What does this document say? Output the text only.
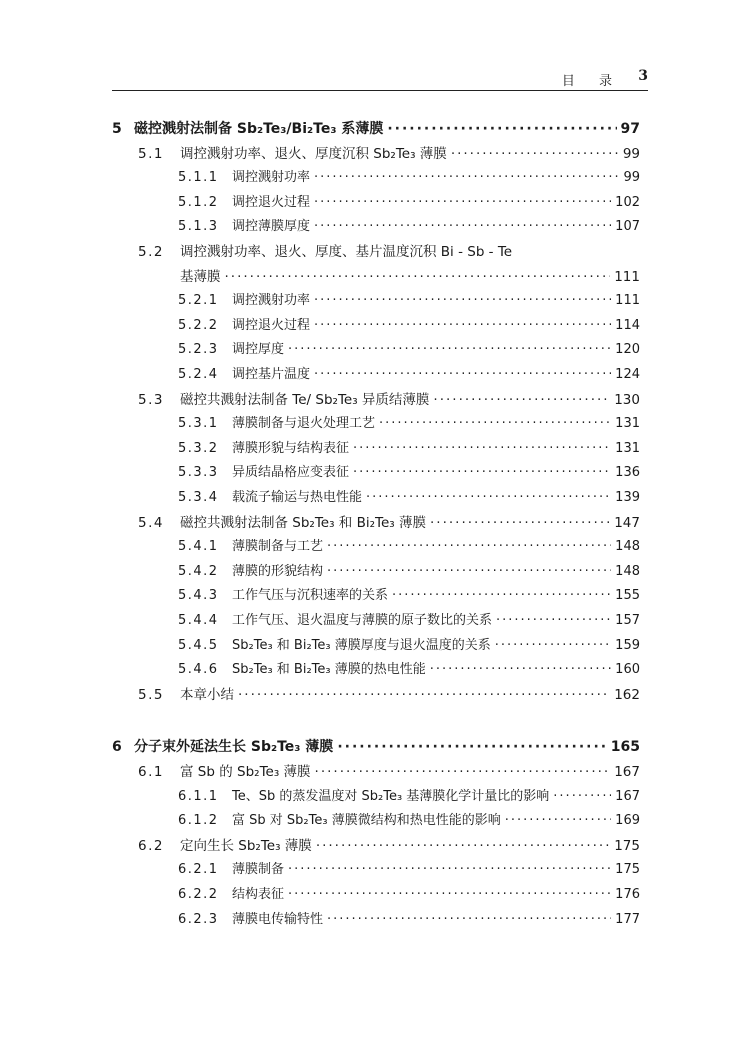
目 录 3
5 磁控溅射法制备 Sb₂Te₃/Bi₂Te₃ 系薄膜 ·····	97
5.1	调控溅射功率、退火、厚度沉积 Sb₂Te₃ 薄膜 ·····	99
5.1.1	调控溅射功率 ·····	99
5.1.2	调控退火过程 ·····	102
5.1.3	调控薄膜厚度 ·····	107
5.2	调控溅射功率、退火、厚度、基片温度沉积 Bi - Sb - Te
基薄膜 ·····	111
5.2.1	调控溅射功率 ·····	111
5.2.2	调控退火过程 ·····	114
5.2.3	调控厚度 ·····	120
5.2.4	调控基片温度 ·····	124
5.3	磁控共溅射法制备 Te/ Sb₂Te₃ 异质结薄膜 ·····	130
5.3.1	薄膜制备与退火处理工艺 ·····	131
5.3.2	薄膜形貌与结构表征 ·····	131
5.3.3	异质结晶格应变表征 ·····	136
5.3.4	载流子输运与热电性能 ·····	139
5.4	磁控共溅射法制备 Sb₂Te₃ 和 Bi₂Te₃ 薄膜 ·····	147
5.4.1	薄膜制备与工艺 ·····	148
5.4.2	薄膜的形貌结构 ·····	148
5.4.3	工作气压与沉积速率的关系 ·····	155
5.4.4	工作气压、退火温度与薄膜的原子数比的关系 ·····	157
5.4.5	Sb₂Te₃ 和 Bi₂Te₃ 薄膜厚度与退火温度的关系 ·····	159
5.4.6	Sb₂Te₃ 和 Bi₂Te₃ 薄膜的热电性能 ·····	160
5.5	本章小结 ·····	162
6 分子束外延法生长 Sb₂Te₃ 薄膜 ·····	165
6.1	富 Sb 的 Sb₂Te₃ 薄膜 ·····	167
6.1.1	Te、Sb 的蒸发温度对 Sb₂Te₃ 基薄膜化学计量比的影响 ·····	167
6.1.2	富 Sb 对 Sb₂Te₃ 薄膜微结构和热电性能的影响 ·····	169
6.2	定向生长 Sb₂Te₃ 薄膜 ·····	175
6.2.1	薄膜制备 ·····	175
6.2.2	结构表征 ·····	176
6.2.3	薄膜电传输特性 ·····	177
